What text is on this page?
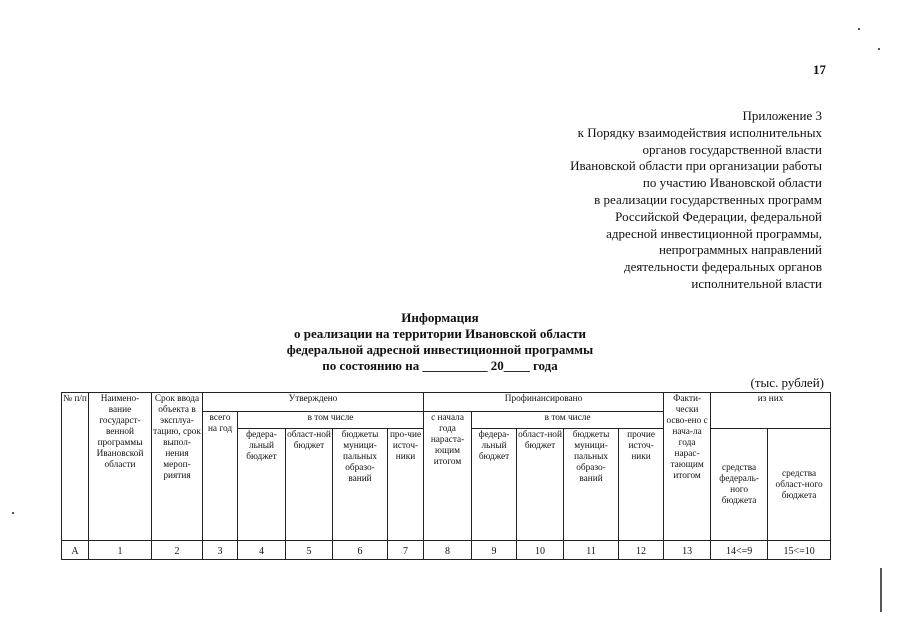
17
Приложение 3
к Порядку взаимодействия исполнительных
органов государственной власти
Ивановской области при организации работы
по участию Ивановской области
в реализации государственных программ
Российской Федерации, федеральной
адресной инвестиционной программы,
непрограммных направлений
деятельности федеральных органов
исполнительной власти
Информация
о реализации на территории Ивановской области
федеральной адресной инвестиционной программы
по состоянию на __________ 20____ года
(тыс. рублей)
№ п/п	Наимено-вание государст-венной программы Ивановской области	Срок ввода объекта в эксплуа-тацию, срок выпол-нения мероп-риятия	Утверждено					Профинансировано					Факти-чески осво-ено с нача-ла года нарас-тающим итогом	из них	
			всего на год	в том числе				с начала года нараста-ющим итогом	в том числе						
				федера-льный бюджет	област-ной бюджет	бюджеты муници-пальных образо-ваний	про-чие источ-ники		федера-льный бюджет	област-ной бюджет	бюджеты муници-пальных образо-ваний	прочие источ-ники		средства федераль-ного бюджета	средства област-ного бюджета
А	1	2	3	4	5	6	7	8	9	10	11	12	13	14<=9	15<=10
